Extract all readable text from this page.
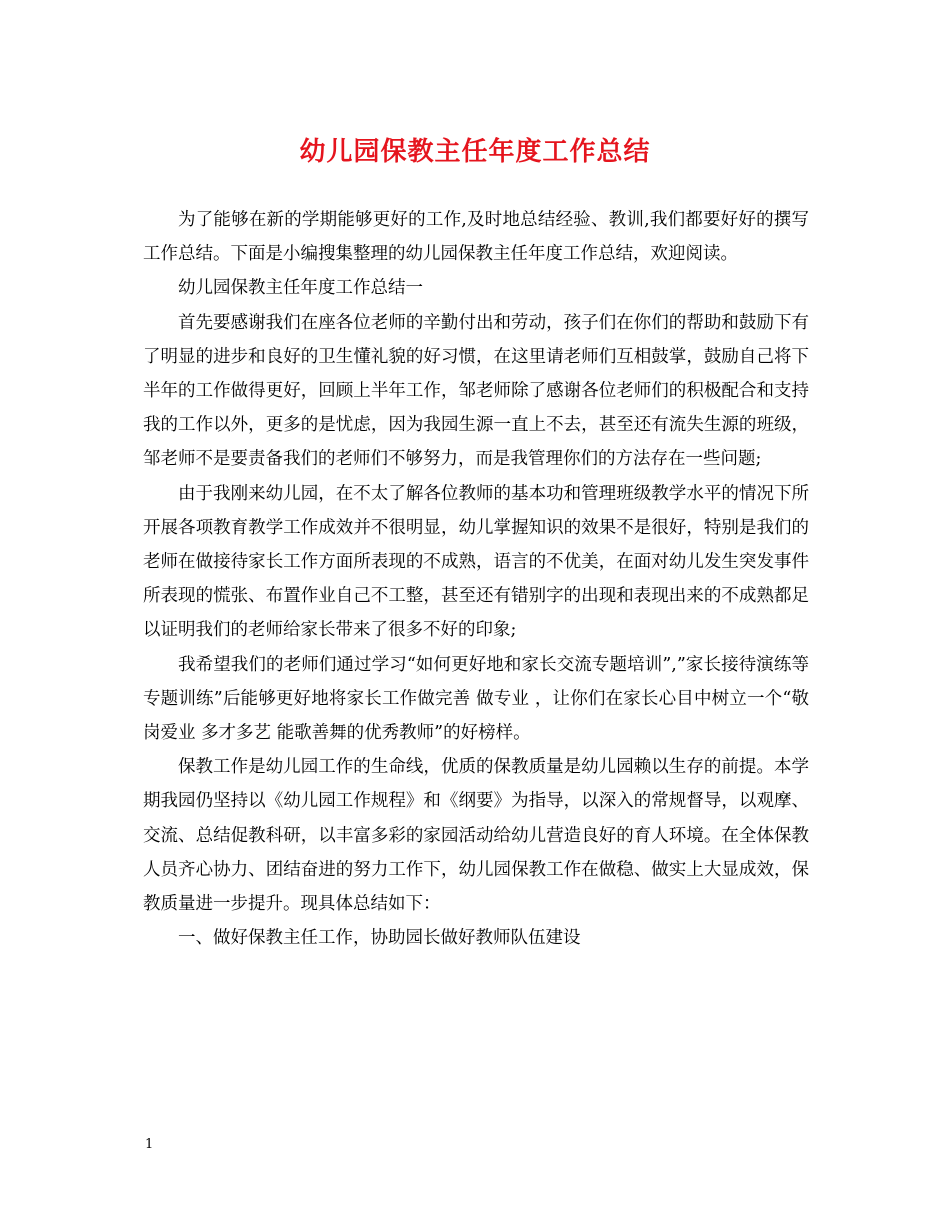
幼儿园保教主任年度工作总结

为了能够在新的学期能够更好的工作,及时地总结经验、教训,我们都要好好的撰写工作总结。下面是小编搜集整理的幼儿园保教主任年度工作总结，欢迎阅读。

幼儿园保教主任年度工作总结一

首先要感谢我们在座各位老师的辛勤付出和劳动，孩子们在你们的帮助和鼓励下有了明显的进步和良好的卫生懂礼貌的好习惯，在这里请老师们互相鼓掌，鼓励自己将下半年的工作做得更好，回顾上半年工作，邹老师除了感谢各位老师们的积极配合和支持我的工作以外，更多的是忧虑，因为我园生源一直上不去，甚至还有流失生源的班级，邹老师不是要责备我们的老师们不够努力，而是我管理你们的方法存在一些问题;

由于我刚来幼儿园，在不太了解各位教师的基本功和管理班级教学水平的情况下所开展各项教育教学工作成效并不很明显，幼儿掌握知识的效果不是很好，特别是我们的老师在做接待家长工作方面所表现的不成熟，语言的不优美，在面对幼儿发生突发事件所表现的慌张、布置作业自己不工整，甚至还有错别字的出现和表现出来的不成熟都足以证明我们的老师给家长带来了很多不好的印象;

我希望我们的老师们通过学习“如何更好地和家长交流专题培训”,”家长接待演练等专题训练”后能够更好地将家长工作做完善 做专业 ，让你们在家长心目中树立一个“敬岗爱业 多才多艺 能歌善舞的优秀教师”的好榜样。

保教工作是幼儿园工作的生命线，优质的保教质量是幼儿园赖以生存的前提。本学期我园仍坚持以《幼儿园工作规程》和《纲要》为指导，以深入的常规督导，以观摩、交流、总结促教科研，以丰富多彩的家园活动给幼儿营造良好的育人环境。在全体保教人员齐心协力、团结奋进的努力工作下，幼儿园保教工作在做稳、做实上大显成效，保教质量进一步提升。现具体总结如下：

一、做好保教主任工作，协助园长做好教师队伍建设

1
